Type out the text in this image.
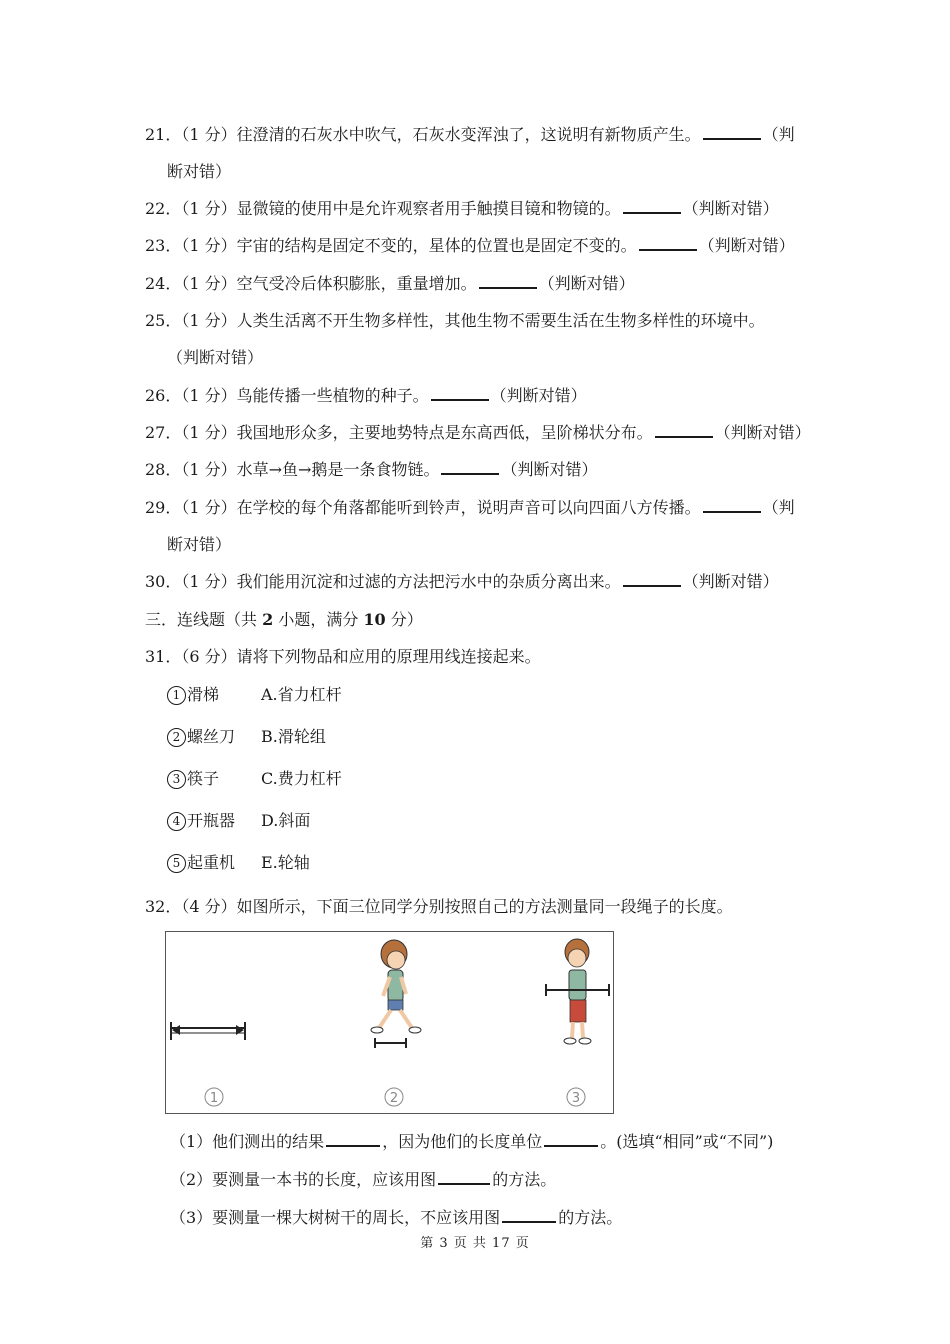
21．（1 分）往澄清的石灰水中吹气，石灰水变浑浊了，这说明有新物质产生。	（判
断对错）
22．（1 分）显微镜的使用中是允许观察者用手触摸目镜和物镜的。	（判断对错）
23．（1 分）宇宙的结构是固定不变的，星体的位置也是固定不变的。	（判断对错）
24．（1 分）空气受冷后体积膨胀，重量增加。	（判断对错）
25．（1 分）人类生活离不开生物多样性，其他生物不需要生活在生物多样性的环境中。
（判断对错）
26．（1 分）鸟能传播一些植物的种子。	（判断对错）
27．（1 分）我国地形众多，主要地势特点是东高西低，呈阶梯状分布。	（判断对错）
28．（1 分）水草→鱼→鹅是一条食物链。	（判断对错）
29．（1 分）在学校的每个角落都能听到铃声，说明声音可以向四面八方传播。	（判
断对错）
30．（1 分）我们能用沉淀和过滤的方法把污水中的杂质分离出来。	（判断对错）
三．连线题（共 2 小题，满分 10 分）
31．（6 分）请将下列物品和应用的原理用线连接起来。
1 滑梯	A.省力杠杆
2 螺丝刀 B.滑轮组
3 筷子	C.费力杠杆
4 开瓶器 D.斜面
5 起重机 E.轮轴
32．（4 分）如图所示，下面三位同学分别按照自己的方法测量同一段绳子的长度。
1	2	3
（1）他们测出的结果	，因为他们的长度单位	。(选填“相同”或“不同”)
（2）要测量一本书的长度，应该用图	的方法。
（3）要测量一棵大树树干的周长，不应该用图	的方法。
第 3 页 共 17 页
